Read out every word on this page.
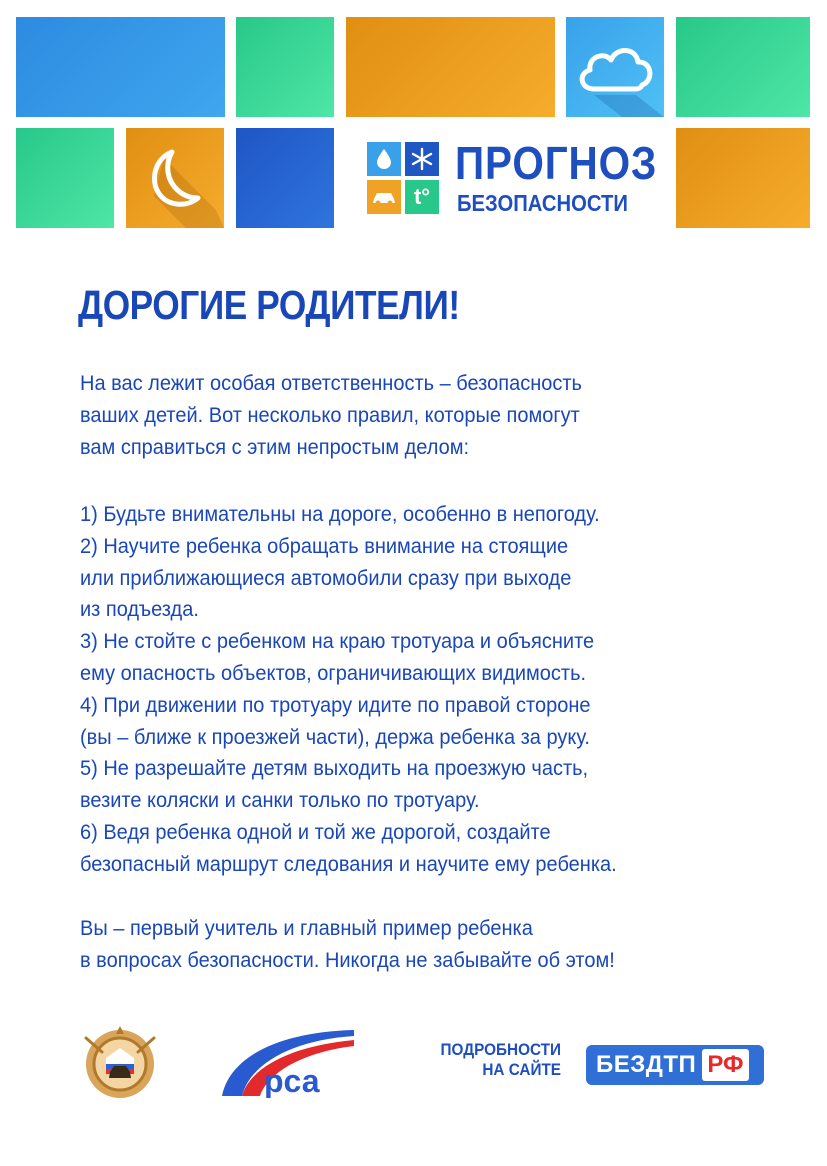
t°
ПРОГНОЗ
БЕЗОПАСНОСТИ
ДОРОГИЕ РОДИТЕЛИ!
На вас лежит особая ответственность – безопасность
ваших детей. Вот несколько правил, которые помогут
вам справиться с этим непростым делом:
1) Будьте внимательны на дороге, особенно в непогоду.
2) Научите ребенка обращать внимание на стоящие
или приближающиеся автомобили сразу при выходе
из подъезда.
3) Не стойте с ребенком на краю тротуара и объясните
ему опасность объектов, ограничивающих видимость.
4) При движении по тротуару идите по правой стороне
(вы – ближе к проезжей части), держа ребенка за руку.
5) Не разрешайте детям выходить на проезжую часть,
везите коляски и санки только по тротуару.
6) Ведя ребенка одной и той же дорогой, создайте
безопасный маршрут следования и научите ему ребенка.
Вы – первый учитель и главный пример ребенка
в вопросах безопасности. Никогда не забывайте об этом!
рса
ПОДРОБНОСТИ
НА САЙТЕ	БЕЗДТП РФ
